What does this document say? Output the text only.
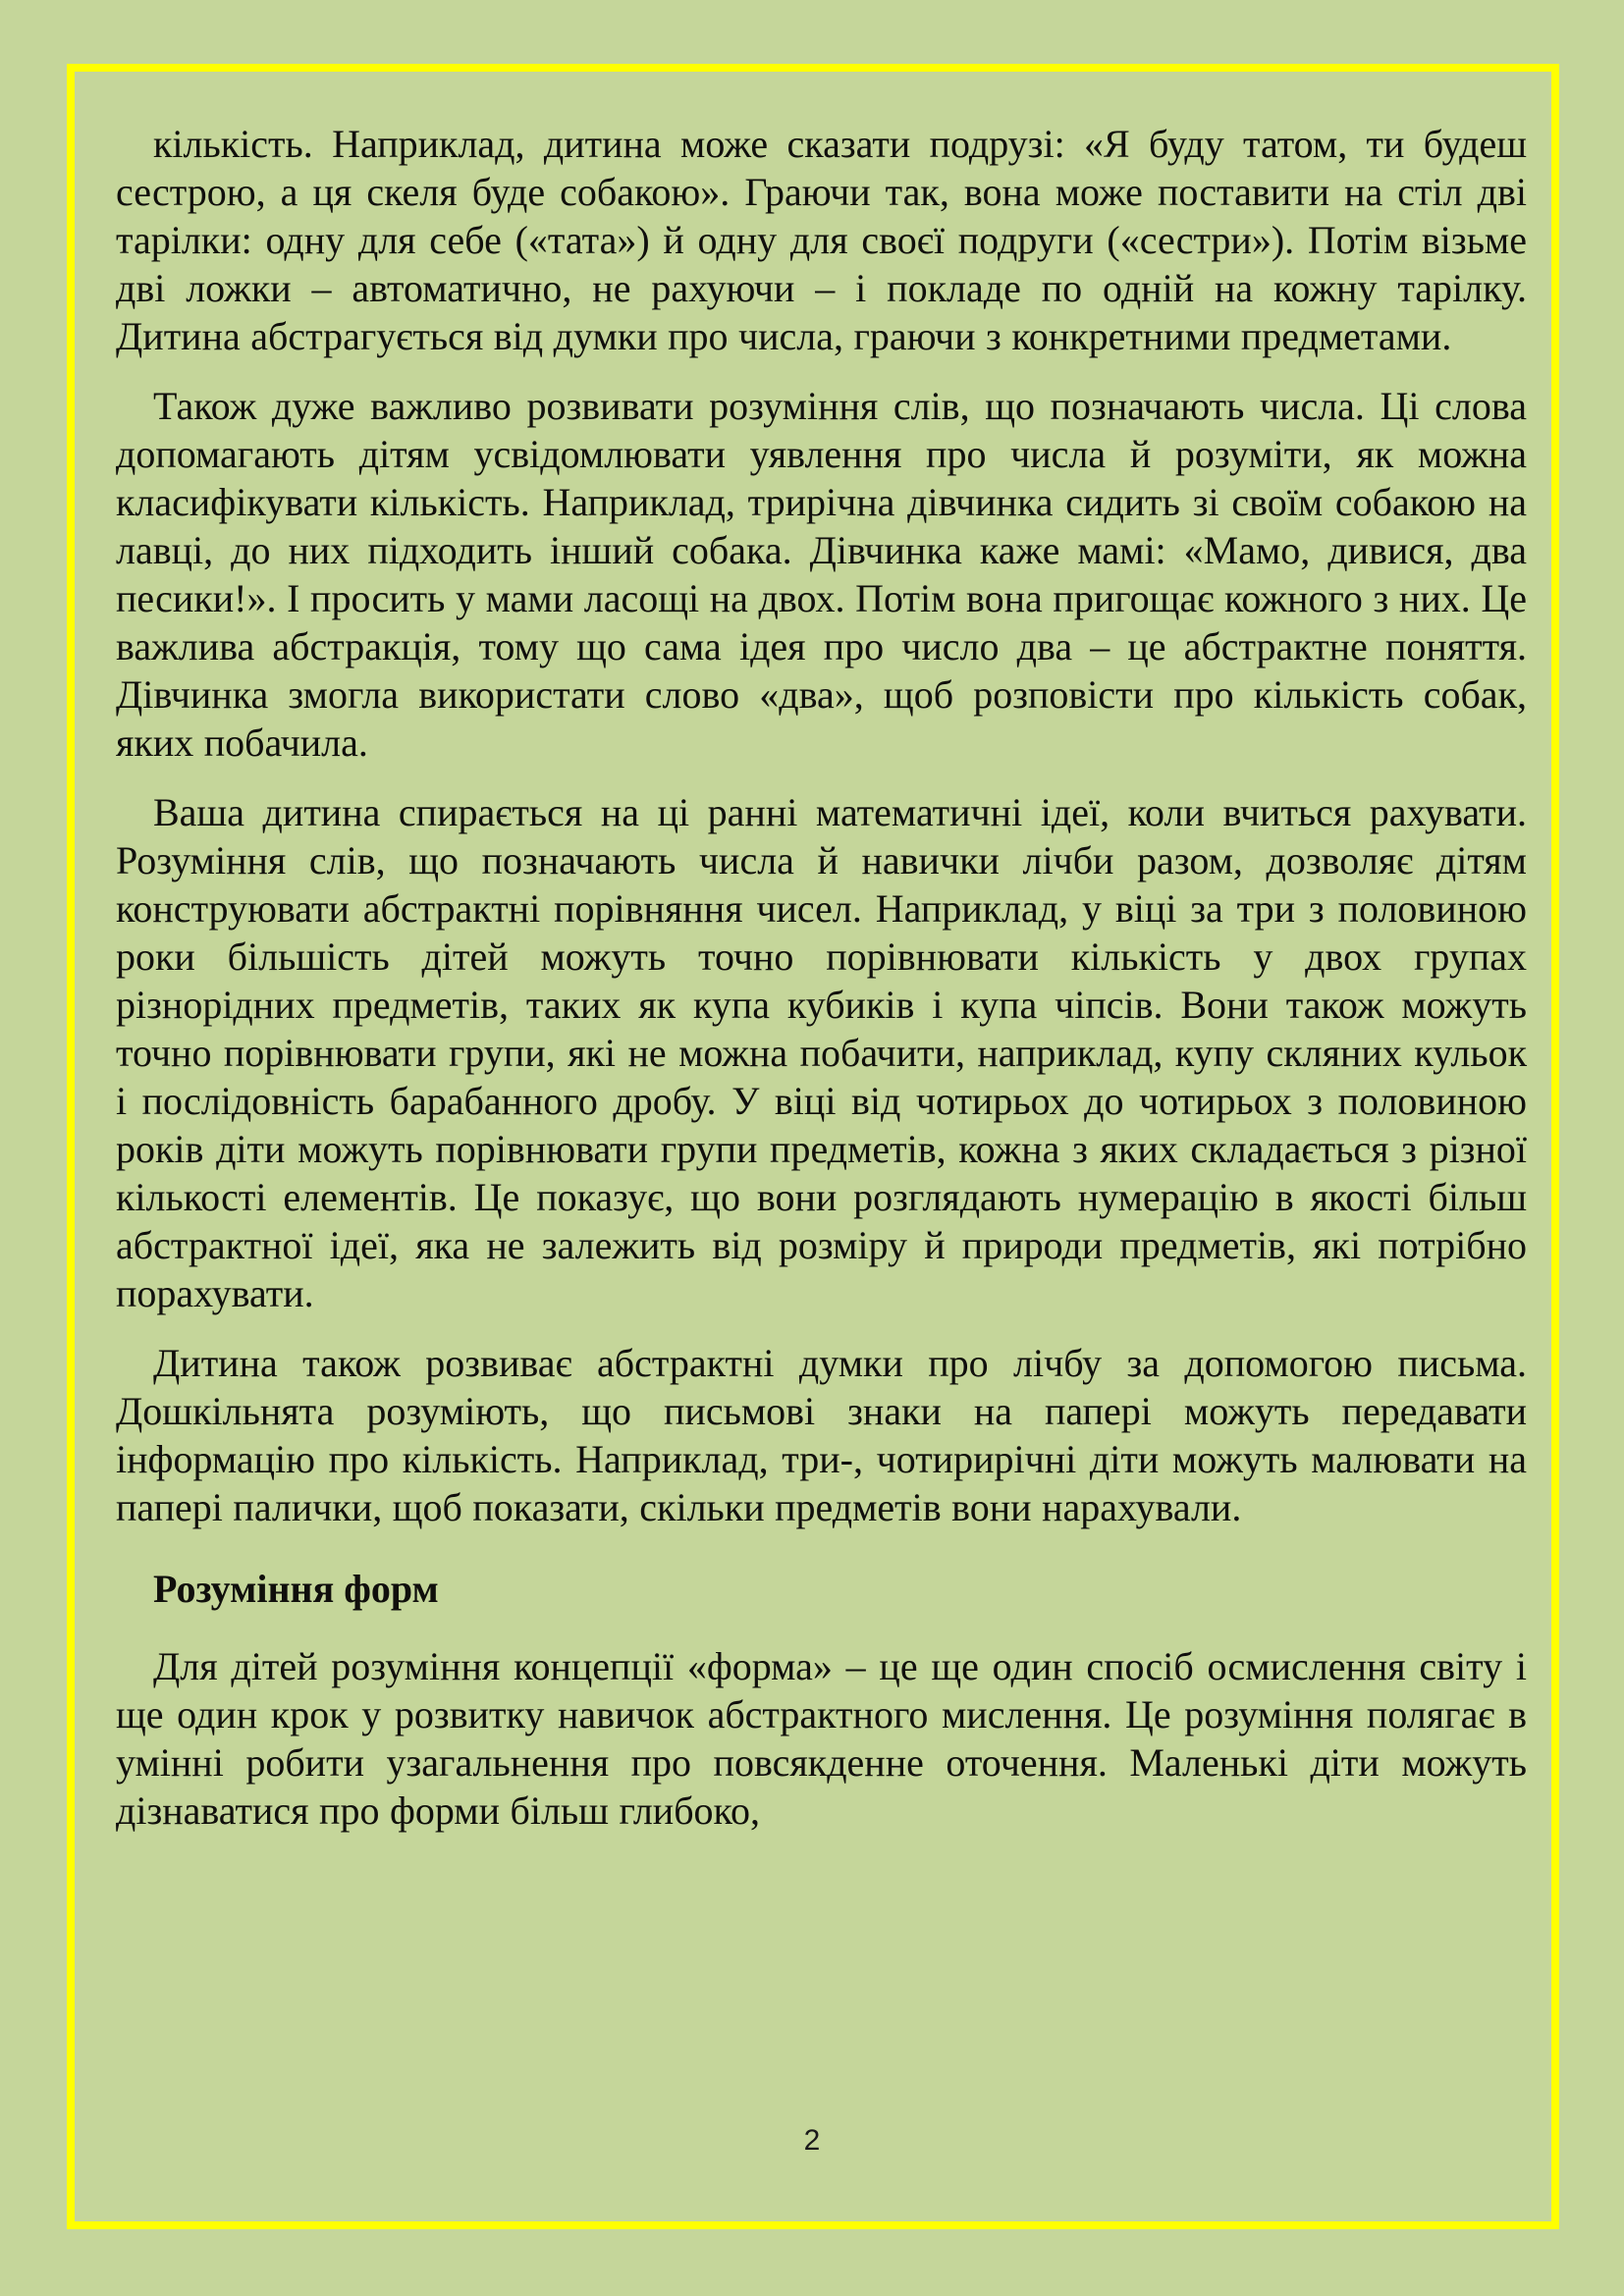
кількість. Наприклад, дитина може сказати подрузі: «Я буду татом, ти будеш сестрою, а ця скеля буде собакою». Граючи так, вона може поставити на стіл дві тарілки: одну для себе («тата») й одну для своєї подруги («сестри»). Потім візьме дві ложки – автоматично, не рахуючи – і покладе по одній на кожну тарілку. Дитина абстрагується від думки про числа, граючи з конкретними предметами.

Також дуже важливо розвивати розуміння слів, що позначають числа. Ці слова допомагають дітям усвідомлювати уявлення про числа й розуміти, як можна класифікувати кількість. Наприклад, трирічна дівчинка сидить зі своїм собакою на лавці, до них підходить інший собака. Дівчинка каже мамі: «Мамо, дивися, два песики!». І просить у мами ласощі на двох. Потім вона пригощає кожного з них. Це важлива абстракція, тому що сама ідея про число два – це абстрактне поняття. Дівчинка змогла використати слово «два», щоб розповісти про кількість собак, яких побачила.

Ваша дитина спирається на ці ранні математичні ідеї, коли вчиться рахувати. Розуміння слів, що позначають числа й навички лічби разом, дозволяє дітям конструювати абстрактні порівняння чисел. Наприклад, у віці за три з половиною роки більшість дітей можуть точно порівнювати кількість у двох групах різнорідних предметів, таких як купа кубиків і купа чіпсів. Вони також можуть точно порівнювати групи, які не можна побачити, наприклад, купу скляних кульок і послідовність барабанного дробу. У віці від чотирьох до чотирьох з половиною років діти можуть порівнювати групи предметів, кожна з яких складається з різної кількості елементів. Це показує, що вони розглядають нумерацію в якості більш абстрактної ідеї, яка не залежить від розміру й природи предметів, які потрібно порахувати.

Дитина також розвиває абстрактні думки про лічбу за допомогою письма. Дошкільнята розуміють, що письмові знаки на папері можуть передавати інформацію про кількість. Наприклад, три-, чотирирічні діти можуть малювати на папері палички, щоб показати, скільки предметів вони нарахували.

Розуміння форм

Для дітей розуміння концепції «форма» – це ще один спосіб осмислення світу і ще один крок у розвитку навичок абстрактного мислення. Це розуміння полягає в умінні робити узагальнення про повсякденне оточення. Маленькі діти можуть дізнаватися про форми більш глибоко,

2
